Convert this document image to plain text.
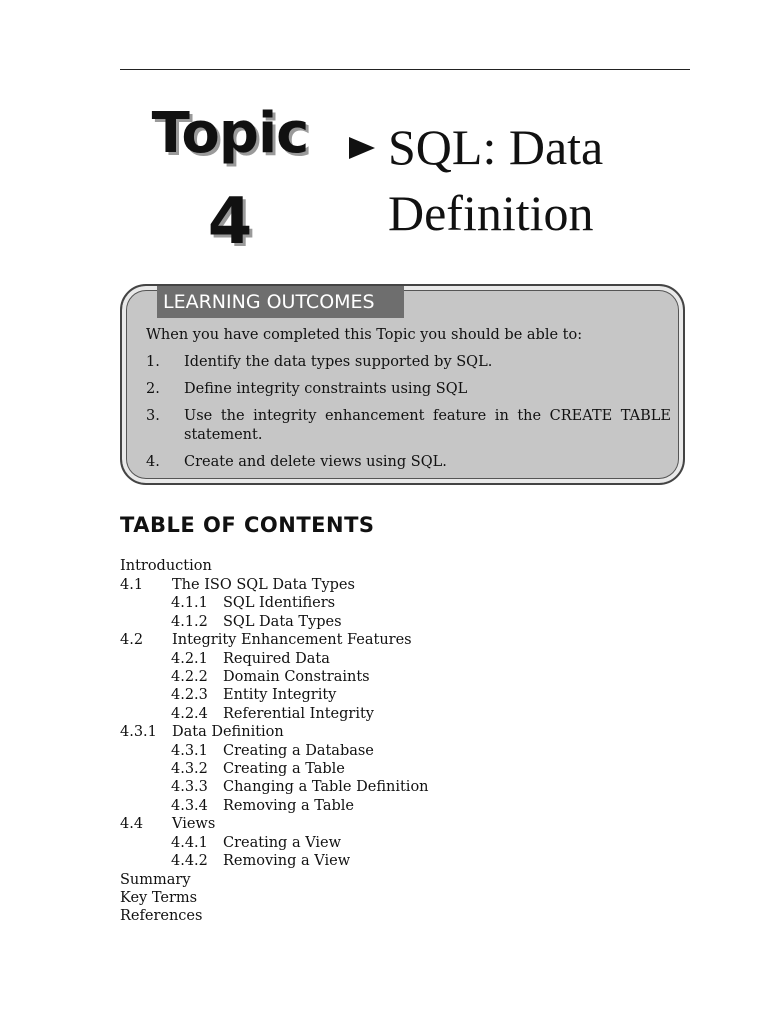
Topic
4
SQL: Data
Definition
LEARNING OUTCOMES
When you have completed this Topic you should be able to:
1. Identify the data types supported by SQL.
2. Define integrity constraints using SQL
3. Use the integrity enhancement feature in the CREATE TABLE statement.
4. Create and delete views using SQL.
TABLE OF CONTENTS
Introduction
4.1 The ISO SQL Data Types
4.1.1 SQL Identifiers
4.1.2 SQL Data Types
4.2 Integrity Enhancement Features
4.2.1 Required Data
4.2.2 Domain Constraints
4.2.3 Entity Integrity
4.2.4 Referential Integrity
4.3.1 Data Definition
4.3.1 Creating a Database
4.3.2 Creating a Table
4.3.3 Changing a Table Definition
4.3.4 Removing a Table
4.4 Views
4.4.1 Creating a View
4.4.2 Removing a View
Summary
Key Terms
References
